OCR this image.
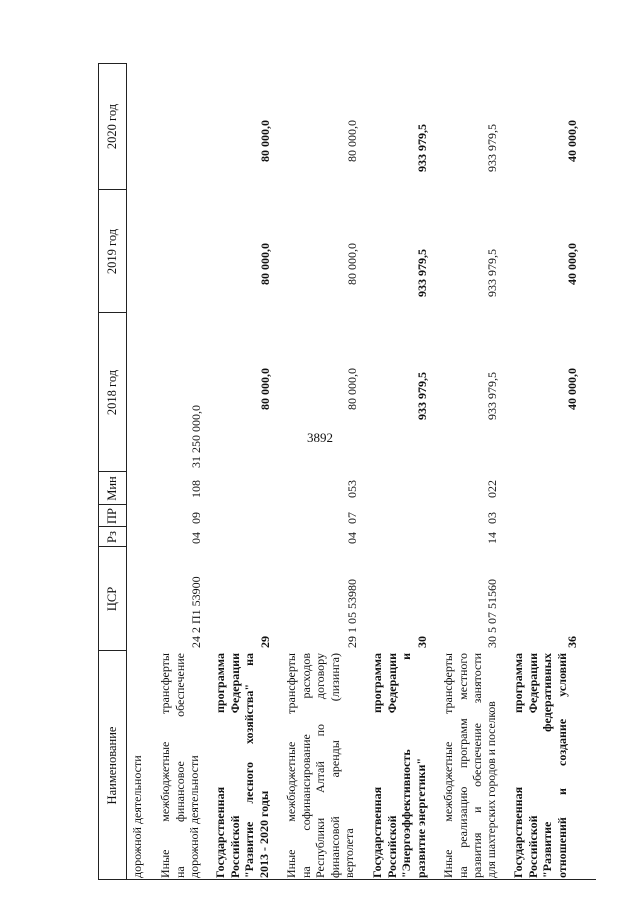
3892
Наименование
ЦСР
Рз
ПР
Мин
2018 год
2019 год
2020 год
дорожной деятельности Иные межбюджетные трансферты на финансовое обеспечение дорожной деятельности
24 2 П1 53900
04
09
108
31 250 000,0
Государственная программа Российской Федерации "Развитие лесного хозяйства" на 2013 - 2020 годы
29
80 000,0
80 000,0
80 000,0
Иные межбюджетные трансферты на софинансирование расходов Республики Алтай по договору финансовой аренды (лизинга) вертолета
29 1 05 53980
04
07
053
80 000,0
80 000,0
80 000,0
Государственная программа Российской Федерации "Энергоэффективность и развитие энергетики"
30
933 979,5
933 979,5
933 979,5
Иные межбюджетные трансферты на реализацию программ местного развития и обеспечение занятости для шахтерских городов и поселков
30 5 07 51560
14
03
022
933 979,5
933 979,5
933 979,5
Государственная программа Российской Федерации "Развитие федеративных отношений и создание условий
36
40 000,0
40 000,0
40 000,0
